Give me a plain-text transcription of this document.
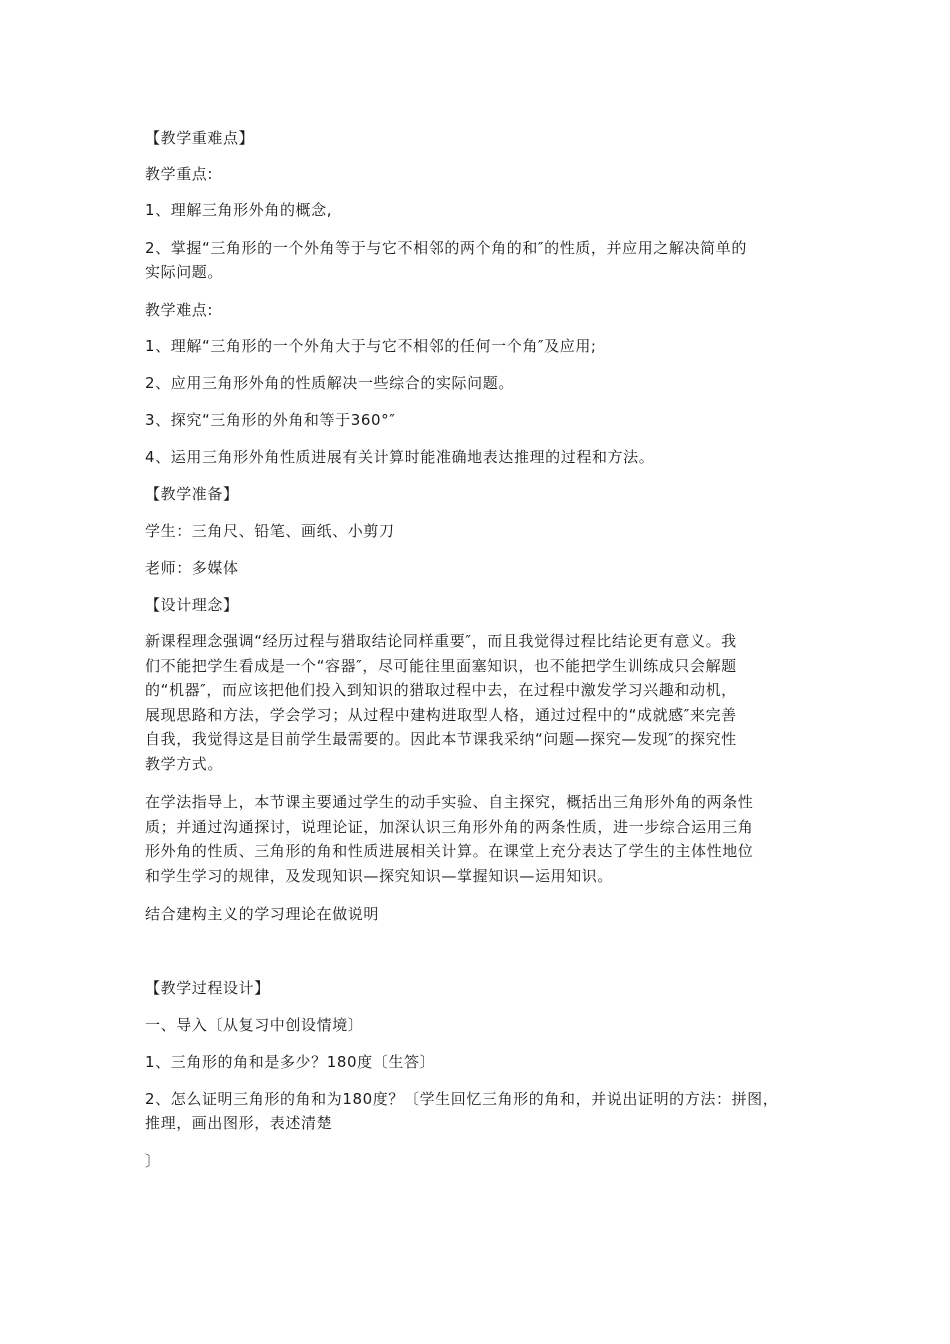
【教学重难点】
教学重点:
1、理解三角形外角的概念,
2、掌握“三角形的一个外角等于与它不相邻的两个角的和″的性质，并应用之解决简单的
实际问题。
教学难点:
1、理解“三角形的一个外角大于与它不相邻的任何一个角″及应用;
2、应用三角形外角的性质解决一些综合的实际问题。
3、探究“三角形的外角和等于360°″
4、运用三角形外角性质进展有关计算时能准确地表达推理的过程和方法。
【教学准备】
学生：三角尺、铅笔、画纸、小剪刀
老师：多媒体
【设计理念】
新课程理念强调“经历过程与猎取结论同样重要″，而且我觉得过程比结论更有意义。我
们不能把学生看成是一个“容器″，尽可能往里面塞知识，也不能把学生训练成只会解题
的“机器″，而应该把他们投入到知识的猎取过程中去，在过程中激发学习兴趣和动机，
展现思路和方法，学会学习；从过程中建构进取型人格，通过过程中的“成就感″来完善
自我，我觉得这是目前学生最需要的。因此本节课我采纳“问题—探究—发现″的探究性
教学方式。
在学法指导上，本节课主要通过学生的动手实验、自主探究，概括出三角形外角的两条性
质；并通过沟通探讨，说理论证，加深认识三角形外角的两条性质，进一步综合运用三角
形外角的性质、三角形的角和性质进展相关计算。在课堂上充分表达了学生的主体性地位
和学生学习的规律，及发现知识—探究知识—掌握知识—运用知识。
结合建构主义的学习理论在做说明
【教学过程设计】
一、导入〔从复习中创设情境〕
1、三角形的角和是多少？180度〔生答〕
2、怎么证明三角形的角和为180度？〔学生回忆三角形的角和，并说出证明的方法：拼图，
推理，画出图形，表述清楚
〕
